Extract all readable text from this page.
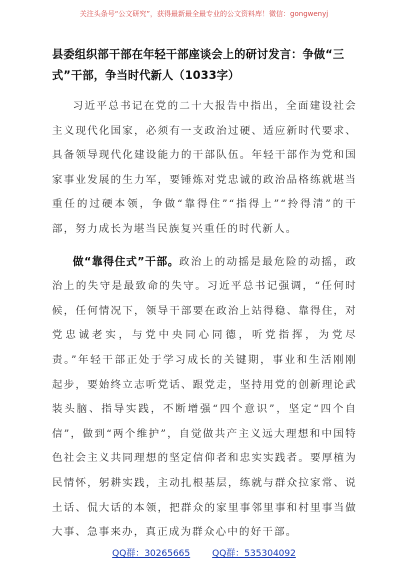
关注头条号“公文研究”，获得最新最全最专业的公文资料库！微信：gongwenyj
县委组织部干部在年轻干部座谈会上的研讨发言：争做“三式”干部，争当时代新人（1033字）

习近平总书记在党的二十大报告中指出，全面建设社会主义现代化国家，必须有一支政治过硬、适应新时代要求、具备领导现代化建设能力的干部队伍。年轻干部作为党和国家事业发展的生力军，要锤炼对党忠诚的政治品格练就堪当重任的过硬本领，争做“靠得住”“指得上”“拎得清”的干部，努力成长为堪当民族复兴重任的时代新人。

做“靠得住式”干部。政治上的动摇是最危险的动摇，政治上的失守是最致命的失守。习近平总书记强调，“任何时候，任何情况下，领导干部要在政治上站得稳、靠得住，对党忠诚老实，与党中央同心同德，听党指挥，为党尽责。”年轻干部正处于学习成长的关键期，事业和生活刚刚起步，要始终立志听党话、跟党走，坚持用党的创新理论武装头脑、指导实践，不断增强“四个意识”，坚定“四个自信”，做到“两个维护”，自觉做共产主义远大理想和中国特色社会主义共同理想的坚定信仰者和忠实实践者。要厚植为民情怀，躬耕实践，主动扎根基层，练就与群众拉家常、说土话、侃大话的本领，把群众的家里事邻里事和村里事当做大事、急事来办，真正成为群众心中的好干部。

QQ群：30265665 QQ群：535304092
